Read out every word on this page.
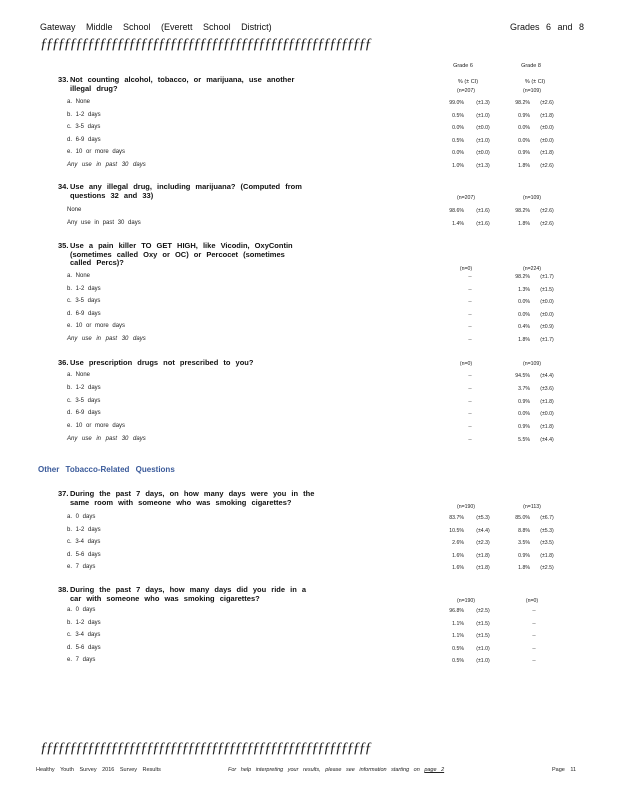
Gateway Middle School (Everett School District)	Grades 6 and 8
ƒƒƒƒƒƒƒƒƒƒƒƒƒƒƒƒƒƒƒƒƒƒƒƒƒƒƒƒƒƒƒƒƒƒƒƒƒƒƒƒƒƒƒƒƒƒƒƒƒƒƒƒƒƒƒƒ
Grade 6	Grade 8
% (± CI)	% (± CI)
33. Not counting alcohol, tobacco, or marijuana, use another
illegal drug?	(n=207)	(n=109)
a. None	99.0%	(±1.3)	98.2%	(±2.6)
b. 1-2 days	0.5%	(±1.0)	0.9%	(±1.8)
c. 3-5 days	0.0%	(±0.0)	0.0%	(±0.0)
d. 6-9 days	0.5%	(±1.0)	0.0%	(±0.0)
e. 10 or more days	0.0%	(±0.0)	0.9%	(±1.8)
Any use in past 30 days	1.0%	(±1.3)	1.8%	(±2.6)
34. Use any illegal drug, including marijuana? (Computed from
questions 32 and 33)	(n=207)	(n=109)
None	98.6%	(±1.6)	98.2%	(±2.6)
Any use in past 30 days	1.4%	(±1.6)	1.8%	(±2.6)
35. Use a pain killer TO GET HIGH, like Vicodin, OxyContin
(sometimes called Oxy or OC) or Percocet (sometimes
called Percs)?
(n=0)	(n=224)
a. None	--	98.2%	(±1.7)
b. 1-2 days	--	1.3%	(±1.5)
c. 3-5 days	--	0.0%	(±0.0)
d. 6-9 days	--	0.0%	(±0.0)
e. 10 or more days	--	0.4%	(±0.9)
Any use in past 30 days	--	1.8%	(±1.7)
36. Use prescription drugs not prescribed to you?	(n=0)	(n=109)
a. None	--	94.5%	(±4.4)
b. 1-2 days	--	3.7%	(±3.6)
c. 3-5 days	--	0.9%	(±1.8)
d. 6-9 days	--	0.0%	(±0.0)
e. 10 or more days	--	0.9%	(±1.8)
Any use in past 30 days	--	5.5%	(±4.4)
37. During the past 7 days, on how many days were you in the
same room with someone who was smoking cigarettes?
(n=190)	(n=113)
a. 0 days	83.7%	(±5.3)	85.0%	(±6.7)
b. 1-2 days	10.5%	(±4.4)	8.8%	(±5.3)
c. 3-4 days	2.6%	(±2.3)	3.5%	(±3.5)
d. 5-6 days	1.6%	(±1.8)	0.9%	(±1.8)
e. 7 days	1.6%	(±1.8)	1.8%	(±2.5)
38. During the past 7 days, how many days did you ride in a
car with someone who was smoking cigarettes?	(n=190)	(n=0)
a. 0 days	96.8%	(±2.5)	--
b. 1-2 days	1.1%	(±1.5)	--
c. 3-4 days	1.1%	(±1.5)	--
d. 5-6 days	0.5%	(±1.0)	--
e. 7 days	0.5%	(±1.0)	--
Other Tobacco-Related Questions
ƒƒƒƒƒƒƒƒƒƒƒƒƒƒƒƒƒƒƒƒƒƒƒƒƒƒƒƒƒƒƒƒƒƒƒƒƒƒƒƒƒƒƒƒƒƒƒƒƒƒƒƒƒƒƒƒ
Healthy Youth Survey 2016 Survey Results	For help interpreting your results, please see information starting on page 2	Page 11
